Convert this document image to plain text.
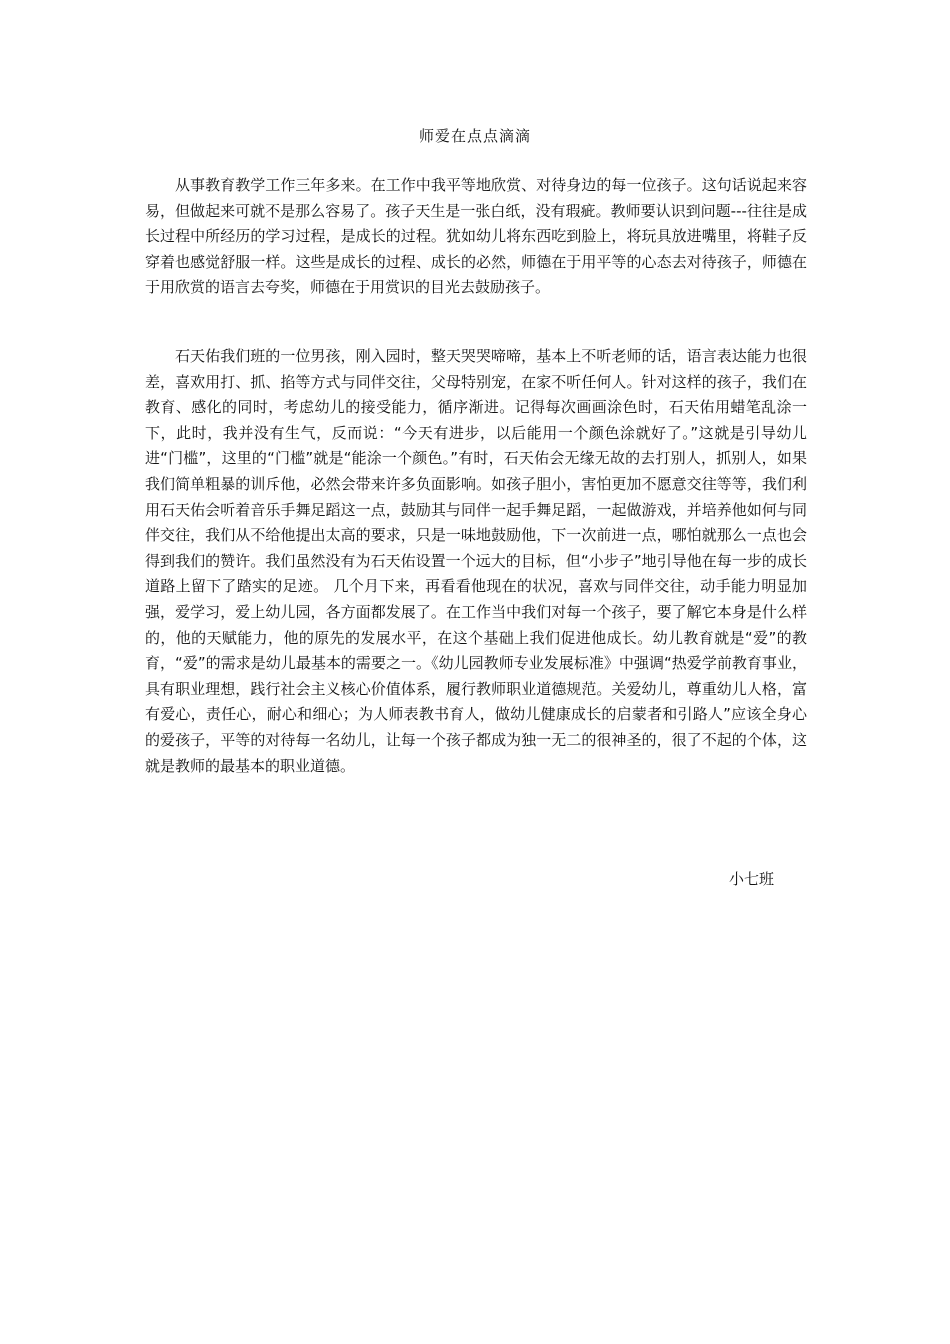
师爱在点点滴滴

从事教育教学工作三年多来。在工作中我平等地欣赏、对待身边的每一位孩子。这句话说起来容易，但做起来可就不是那么容易了。孩子天生是一张白纸，没有瑕疵。教师要认识到问题---往往是成长过程中所经历的学习过程，是成长的过程。犹如幼儿将东西吃到脸上，将玩具放进嘴里，将鞋子反穿着也感觉舒服一样。这些是成长的过程、成长的必然，师德在于用平等的心态去对待孩子，师德在于用欣赏的语言去夸奖，师德在于用赏识的目光去鼓励孩子。

石天佑我们班的一位男孩，刚入园时，整天哭哭啼啼，基本上不听老师的话，语言表达能力也很差，喜欢用打、抓、掐等方式与同伴交往，父母特别宠，在家不听任何人。针对这样的孩子，我们在教育、感化的同时，考虑幼儿的接受能力，循序渐进。记得每次画画涂色时，石天佑用蜡笔乱涂一下，此时，我并没有生气，反而说：“今天有进步，以后能用一个颜色涂就好了。”这就是引导幼儿进“门槛”，这里的“门槛”就是“能涂一个颜色。”有时，石天佑会无缘无故的去打别人，抓别人，如果我们简单粗暴的训斥他，必然会带来许多负面影响。如孩子胆小，害怕更加不愿意交往等等，我们利用石天佑会听着音乐手舞足蹈这一点，鼓励其与同伴一起手舞足蹈，一起做游戏，并培养他如何与同伴交往，我们从不给他提出太高的要求，只是一味地鼓励他，下一次前进一点，哪怕就那么一点也会得到我们的赞许。我们虽然没有为石天佑设置一个远大的目标，但“小步子”地引导他在每一步的成长道路上留下了踏实的足迹。 几个月下来，再看看他现在的状况，喜欢与同伴交往，动手能力明显加强，爱学习，爱上幼儿园，各方面都发展了。在工作当中我们对每一个孩子，要了解它本身是什么样的，他的天赋能力，他的原先的发展水平，在这个基础上我们促进他成长。幼儿教育就是“爱”的教育，“爱”的需求是幼儿最基本的需要之一。《幼儿园教师专业发展标准》中强调“热爱学前教育事业，具有职业理想，践行社会主义核心价值体系，履行教师职业道德规范。关爱幼儿，尊重幼儿人格，富有爱心，责任心，耐心和细心；为人师表教书育人，做幼儿健康成长的启蒙者和引路人”应该全身心的爱孩子，平等的对待每一名幼儿，让每一个孩子都成为独一无二的很神圣的，很了不起的个体，这就是教师的最基本的职业道德。

小七班
